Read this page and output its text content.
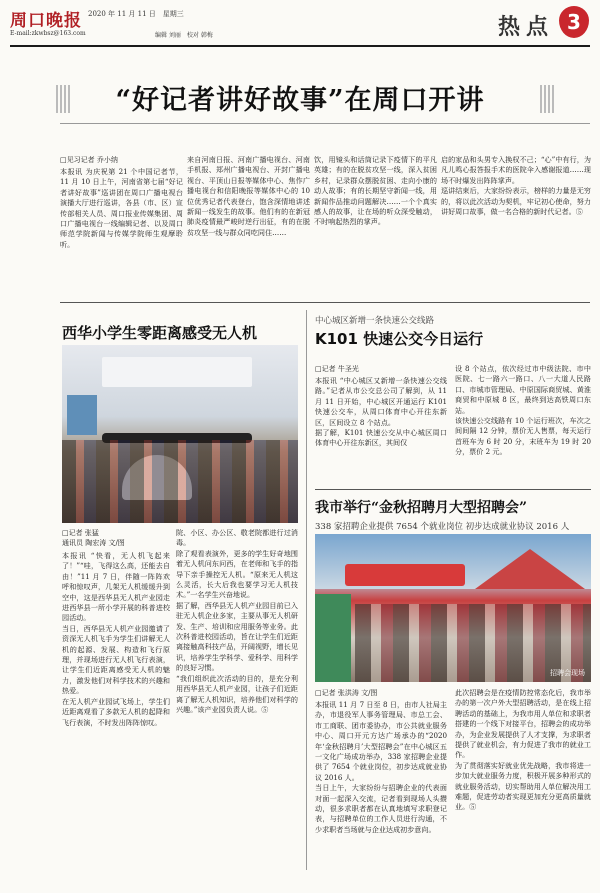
周口晚报 2020 年 11 月 11 日　星期三
E-mail:zkwbsz@163.com	编辑 刘丽　校对 韩梅	热点 3
“好记者讲好故事”在周口开讲
□见习记者 乔小纳
本报讯 为庆祝第 21 个中国记者节，11 月 10 日上午，河南省第七届“好记者讲好故事”巡讲团在周口广播电视台演播大厅进行巡讲，各县（市、区）宣传部相关人员、周口报业传媒集团、周口广播电视台一线编辑记者、以及周口师范学院新闻与传媒学院师生观摩聆听。
来自河南日报、河南广播电视台、河南手机报、郑州广播电视台、开封广播电视台、平顶山日报等媒体中心、焦作广播电视台和信阳晚报等媒体中心的 10 位优秀记者代表登台，饱含深情地讲述新闻一线发生的故事。他们有的在新冠肺炎疫情最严峻时逆行出征，有的在脱贫攻坚一线与群众同吃同住……
饮，用镜头和话筒记录下疫情下的平凡英雄；有的在脱贫攻坚一线，深入贫困乡村，记录群众摆脱贫困、走向小康的动人故事；有的长期坚守新闻一线，用新闻作品推动问题解决……一个个真实感人的故事，让在场的听众深受触动，不时响起热烈的掌声。
启的家品和头男专入换权不己；“心”中有行，为凡儿鸣心报答报手术的医院伞入感谢报道……现场不时爆发出阵阵掌声。
巡讲结束后，大家纷纷表示，榜样的力量是无穷的，将以此次活动为契机，牢记初心使命，努力讲好周口故事，做一名合格的新时代记者。⑤
西华小学生零距离感受无人机
□记者 张猛
通讯员 陶宏涛 文/图
本报讯 “快看，无人机飞起来了！”“哇，飞得这么高，还能去自由！”11 月 7 日，伴随一阵阵欢呼和惊叹声，几架无人机缓缓升到空中，这是西华县无人机产业园走进西华县一所小学开展的科普进校园活动。
当日，西华县无人机产业园邀请了资深无人机飞手为学生们讲解无人机的起源、发展、构造和飞行原理，并现场进行无人机飞行表演，让学生们近距离感受无人机的魅力，激发他们对科学技术的兴趣和热爱。
在无人机产业园试飞场上，学生们近距离观看了多款无人机的起降和飞行表演，不时发出阵阵惊叹。
院、小区、办公区、敬老院都进行过消毒。
除了观看表演外，更多的学生好奇地围着无人机问东问西，在老师和飞手的指导下亲手操控无人机。“原来无人机这么灵活，长大后我也要学习无人机技术。”一名学生兴奋地说。
据了解，西华县无人机产业园目前已入驻无人机企业多家，主要从事无人机研发、生产、培训和应用服务等业务。此次科普进校园活动，旨在让学生们近距离接触高科技产品，开阔视野，增长见识，培养学生学科学、爱科学、用科学的良好习惯。
“我们组织此次活动的目的，是充分利用西华县无人机产业园，让孩子们近距离了解无人机知识，培养他们对科学的兴趣。”该产业园负责人说。⑤
中心城区新增一条快速公交线路
K101 快速公交今日运行
□记者 牛圣光
本报讯 “中心城区又新增一条快速公交线路。”记者从市公交总公司了解到，从 11 月 11 日开始，中心城区开通运行 K101 快速公交车，从周口体育中心开往东新区，区间设立 8 个站点。
据了解，K101 快速公交从中心城区周口体育中心开往东新区，其间仅
设 8 个站点，依次经过市中级法院、市中医院、七一路六一路口、八一大道人民路口、市城市管理局、中原国际商贸城、黄淮商贸和中原城 8 区，最终到达高铁周口东站。
该快速公交线路有 10 个运行班次，车次之间间隔 12 分钟，票价无人售票，每天运行首班车为 6 时 20 分，末班车为 19 时 20 分，票价 2 元。
我市举行“金秋招聘月大型招聘会”
338 家招聘企业提供 7654 个就业岗位 初步达成就业协议 2016 人
招聘会现场
□记者 张洪涛 文/图
本报讯 11 月 7 日至 8 日，由市人社局主办，市退役军人事务管理局、市总工会、市工商联、团市委协办，市公共就业服务中心、周口开元方达广场承办的“2020 年‘金秋招聘月’大型招聘会”在中心城区五一文化广场成功举办，338 家招聘企业提供了 7654 个就业岗位，初步达成就业协议 2016 人。
当日上午，大家纷纷与招聘企业的代表面对面一起深入交流，记者看到现场人头攒动，很多求职者都在认真地填写求职登记表，与招聘单位的工作人员进行沟通，不少求职者当场就与企业达成初步意向。
此次招聘会是在疫情防控常态化后，我市举办的第一次户外大型招聘活动，是在线上招聘活动的基础上，为我市用人单位和求职者搭建的一个线下对接平台，招聘会的成功举办，为企业发展提供了人才支撑，为求职者提供了就业机会，有力促进了我市的就业工作。
为了贯彻落实好就业优先战略，我市将进一步加大就业服务力度，积极开展多种形式的就业服务活动，切实帮助用人单位解决用工难题，促进劳动者实现更加充分更高质量就业。⑤
